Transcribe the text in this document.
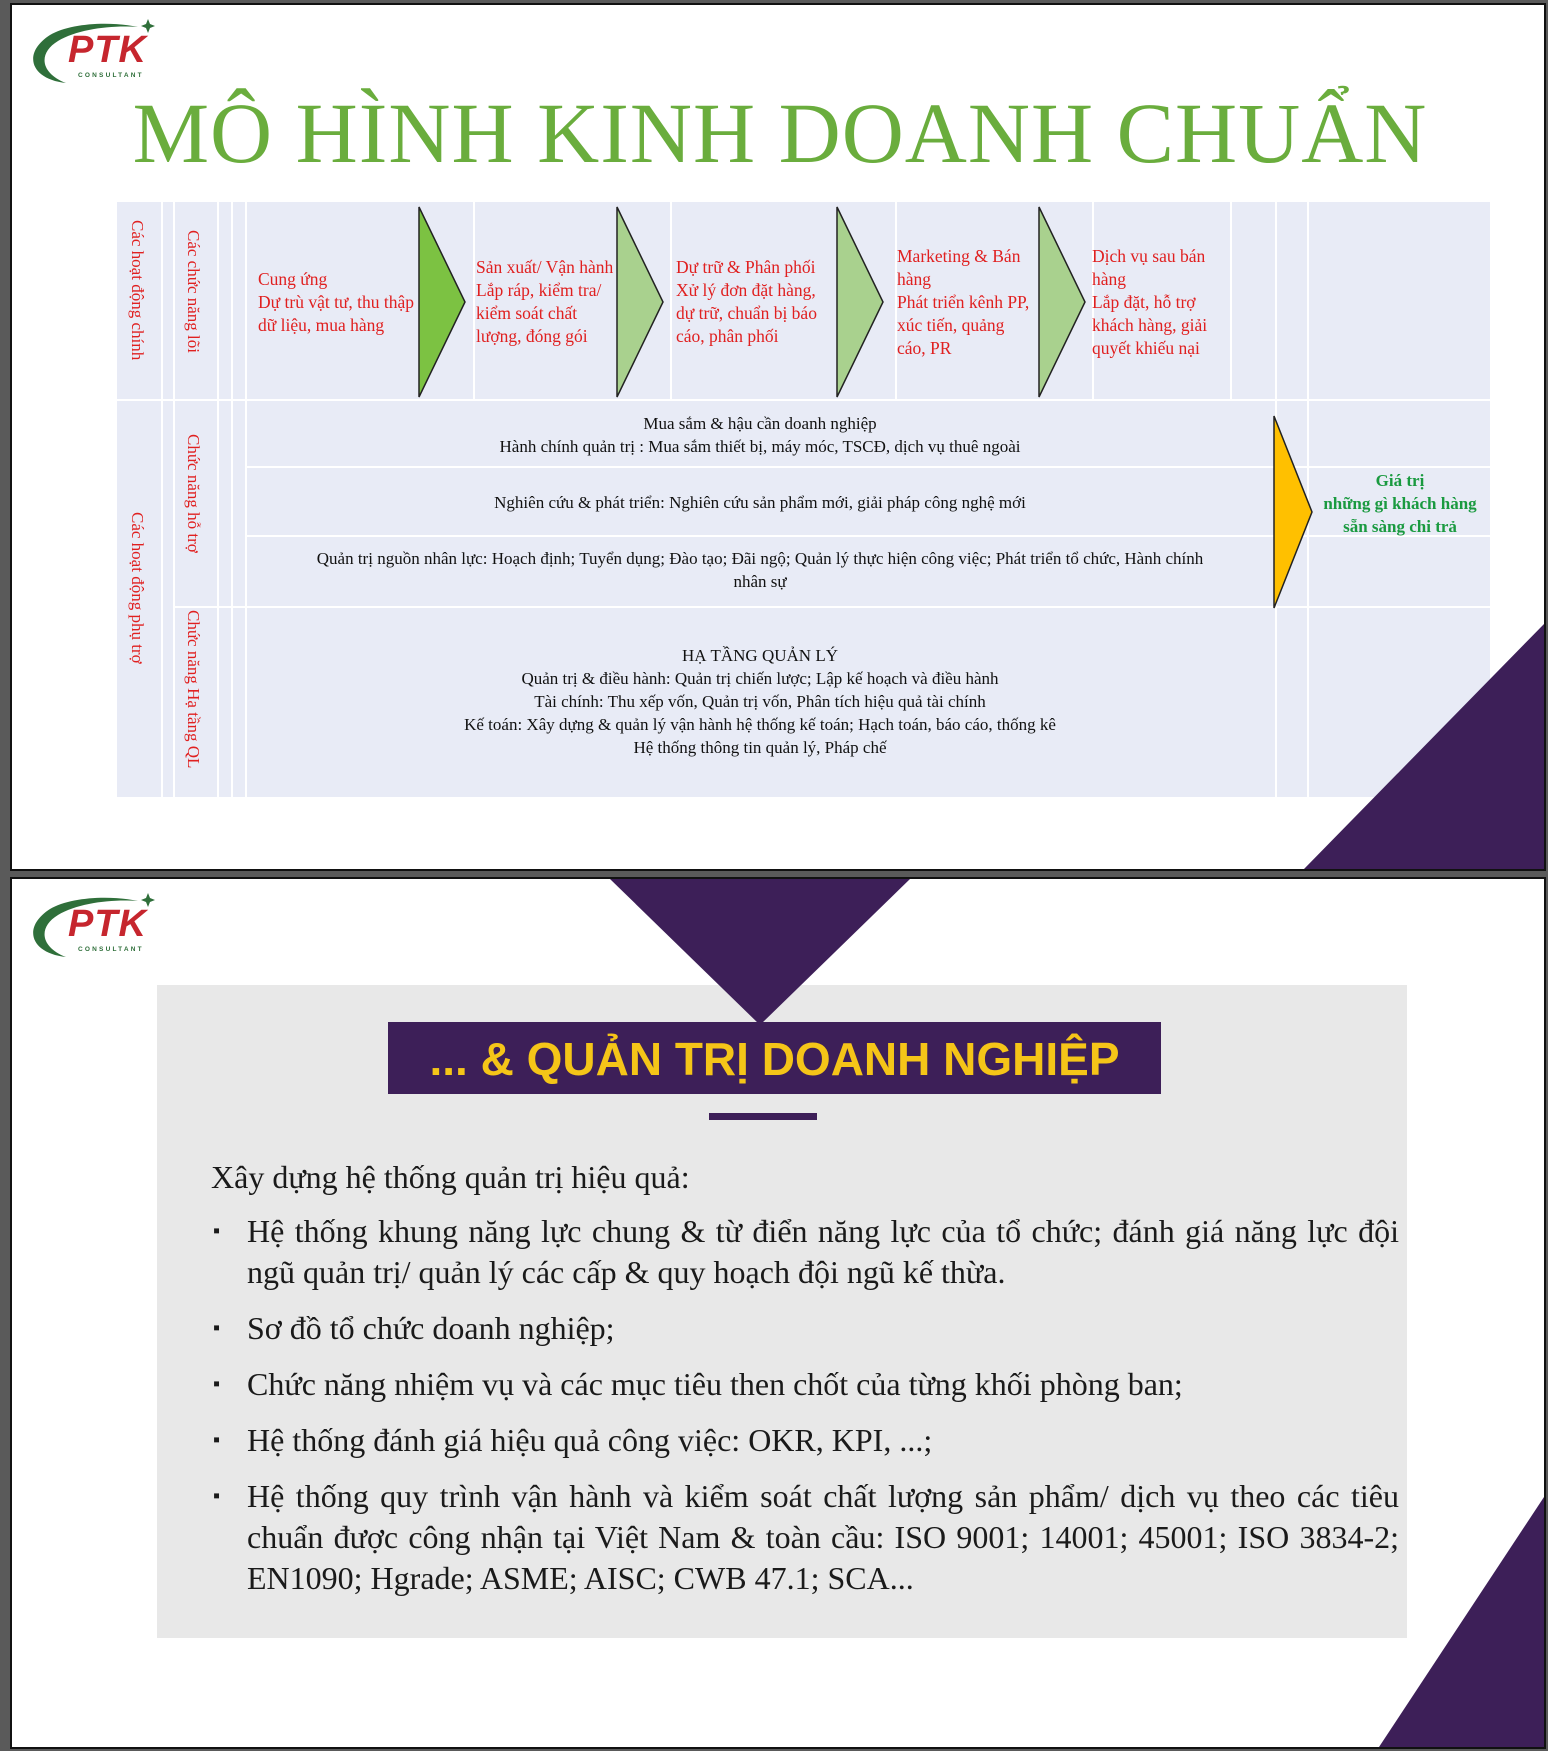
PTK
CONSULTANT
MÔ HÌNH KINH DOANH CHUẨN
Các hoạt động chính
Các hoạt động phụ trợ
Các chức năng lõi
Chức năng hỗ trợ
Chức năng Hạ tầng QL
Cung ứng
Dự trù vật tư, thu thập
dữ liệu, mua hàng
Sản xuất/ Vận hành
Lắp ráp, kiểm tra/
kiểm soát chất
lượng, đóng gói
Dự trữ & Phân phối
Xử lý đơn đặt hàng,
dự trữ, chuẩn bị báo
cáo, phân phối
Marketing & Bán
hàng
Phát triển kênh PP,
xúc tiến, quảng
cáo, PR
Dịch vụ sau bán
hàng
Lắp đặt, hỗ trợ
khách hàng, giải
quyết khiếu nại
Mua sắm & hậu cần doanh nghiệp
Hành chính quản trị : Mua sắm thiết bị, máy móc, TSCĐ, dịch vụ thuê ngoài
Nghiên cứu & phát triển: Nghiên cứu sản phẩm mới, giải pháp công nghệ mới
Quản trị nguồn nhân lực: Hoạch định; Tuyển dụng; Đào tạo; Đãi ngộ; Quản lý thực hiện công việc; Phát triển tổ chức, Hành chính
nhân sự
HẠ TẦNG QUẢN LÝ
Quản trị & điều hành: Quản trị chiến lược; Lập kế hoạch và điều hành
Tài chính: Thu xếp vốn, Quản trị vốn, Phân tích hiệu quả tài chính
Kế toán: Xây dựng & quản lý vận hành hệ thống kế toán; Hạch toán, báo cáo, thống kê
Hệ thống thông tin quản lý, Pháp chế
Giá trị
những gì khách hàng
sẵn sàng chi trả
PTK
CONSULTANT
... & QUẢN TRỊ DOANH NGHIỆP
Xây dựng hệ thống quản trị hiệu quả:
▪ Hệ thống khung năng lực chung & từ điển năng lực của tổ chức; đánh giá năng lực đội ngũ quản trị/ quản lý các cấp & quy hoạch đội ngũ kế thừa.
▪ Sơ đồ tổ chức doanh nghiệp;
▪ Chức năng nhiệm vụ và các mục tiêu then chốt của từng khối phòng ban;
▪ Hệ thống đánh giá hiệu quả công việc: OKR, KPI, ...;
▪ Hệ thống quy trình vận hành và kiểm soát chất lượng sản phẩm/ dịch vụ theo các tiêu chuẩn được công nhận tại Việt Nam & toàn cầu: ISO 9001; 14001; 45001; ISO 3834-2; EN1090; Hgrade; ASME; AISC; CWB 47.1; SCA...
